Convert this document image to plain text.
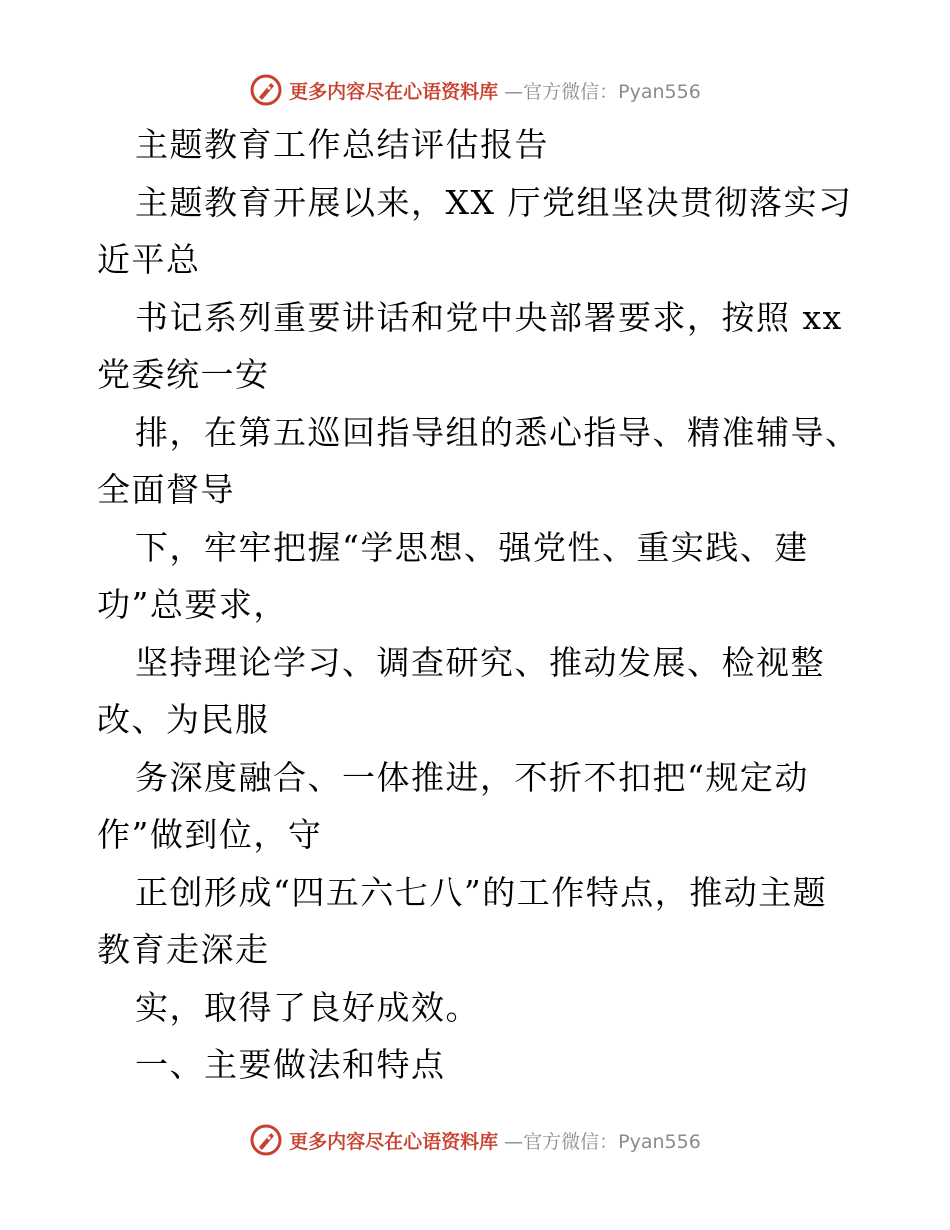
更多内容尽在心语资料库 —官方微信：Pyan556
主题教育工作总结评估报告
主题教育开展以来，XX 厅党组坚决贯彻落实习
近平总
书记系列重要讲话和党中央部署要求，按照 xx
党委统一安
排，在第五巡回指导组的悉心指导、精准辅导、
全面督导
下，牢牢把握“学思想、强党性、重实践、建
功”总要求，
坚持理论学习、调查研究、推动发展、检视整
改、为民服
务深度融合、一体推进，不折不扣把“规定动
作”做到位，守
正创形成“四五六七八”的工作特点，推动主题
教育走深走
实，取得了良好成效。
一、主要做法和特点
更多内容尽在心语资料库 —官方微信：Pyan556
